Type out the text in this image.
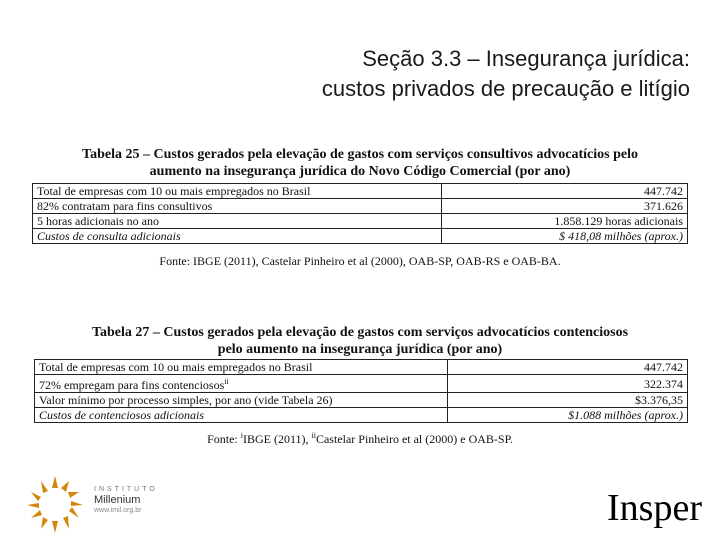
Seção 3.3 – Insegurança jurídica:
custos privados de precaução e litígio
Tabela 25 – Custos gerados pela elevação de gastos com serviços consultivos advocatícios pelo
aumento na insegurança jurídica do Novo Código Comercial (por ano)
Total de empresas com 10 ou mais empregados no Brasil	447.742
82% contratam para fins consultivos	371.626
5 horas adicionais no ano	1.858.129 horas adicionais
Custos de consulta adicionais	$ 418,08 milhões (aprox.)
Fonte: IBGE (2011), Castelar Pinheiro et al (2000), OAB-SP, OAB-RS e OAB-BA.
Tabela 27 – Custos gerados pela elevação de gastos com serviços advocatícios contenciosos
pelo aumento na insegurança jurídica (por ano)
Total de empresas com 10 ou mais empregados no Brasil	447.742
72% empregam para fins contenciosos$^{ii}$	322.374
Valor mínimo por processo simples, por ano (vide Tabela 26)	$3.376,35
Custos de contenciosos adicionais	$1.088 milhões (aprox.)
Fonte: $^i$IBGE (2011), $^{ii}$Castelar Pinheiro et al (2000) e OAB-SP.
INSTITUTO
Millenium
www.imil.org.br	Insper
